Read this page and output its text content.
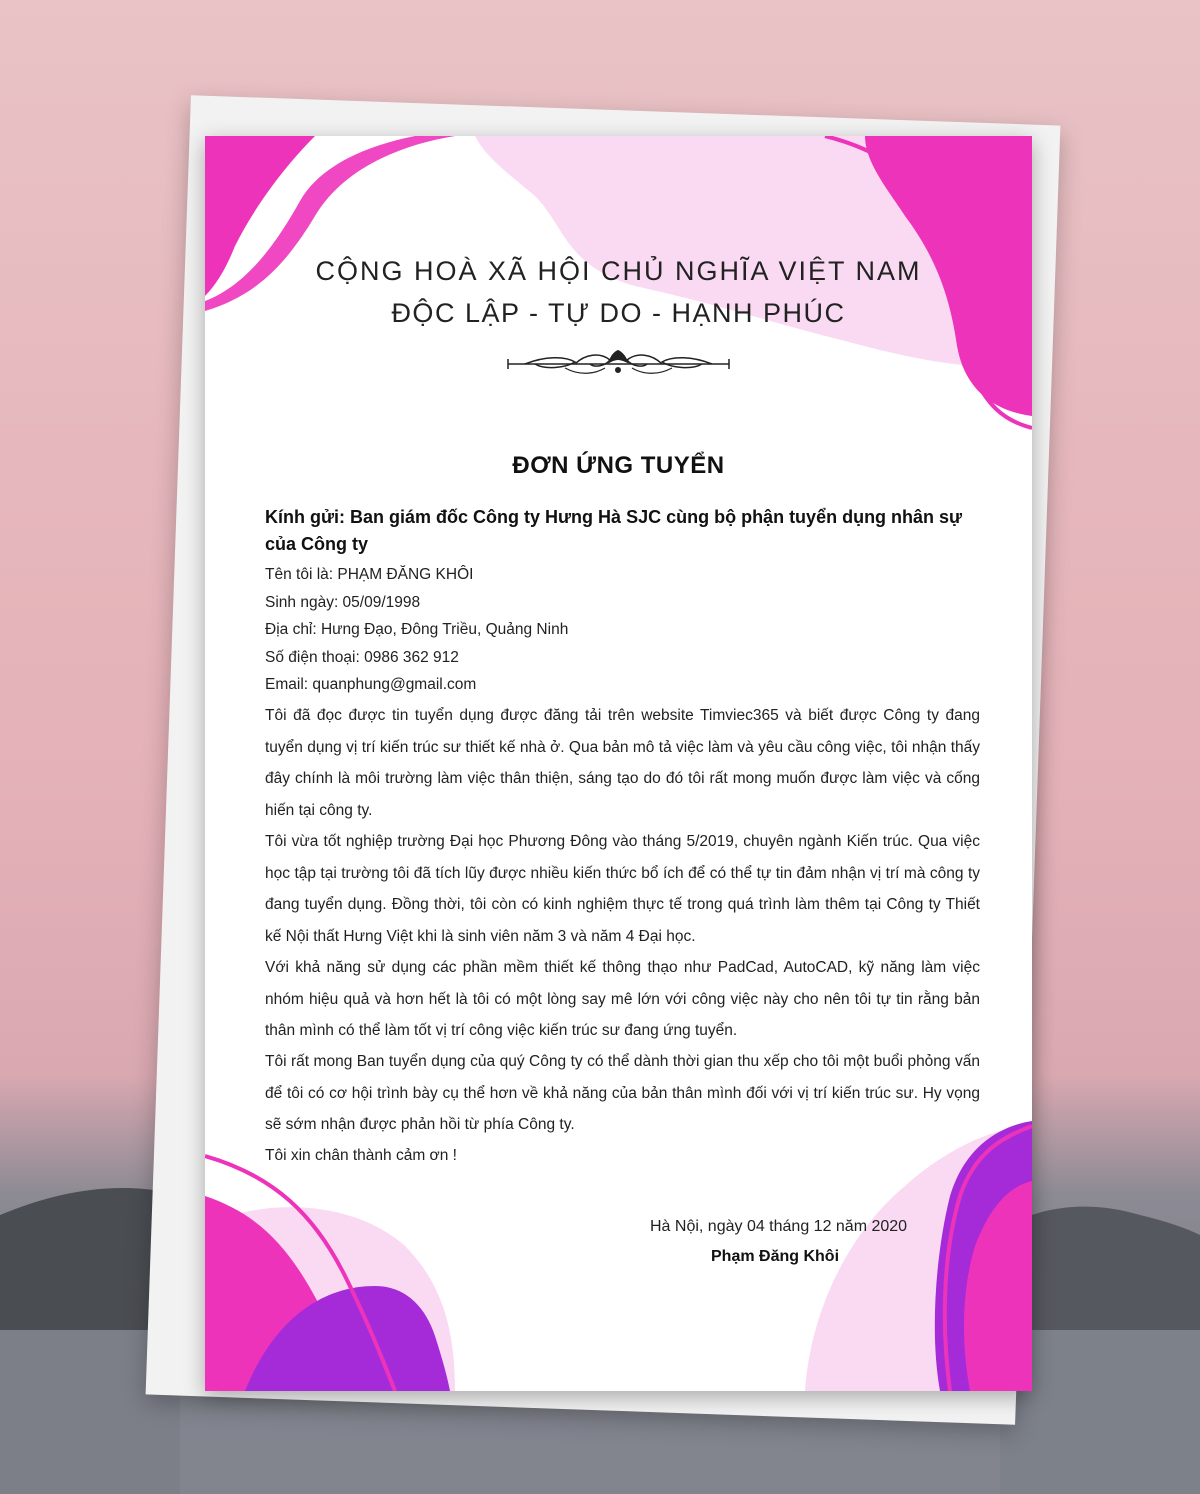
CỘNG HOÀ XÃ HỘI CHỦ NGHĨA VIỆT NAM
ĐỘC LẬP - TỰ DO - HẠNH PHÚC
ĐƠN ỨNG TUYỂN
Kính gửi: Ban giám đốc Công ty Hưng Hà SJC cùng bộ phận tuyển dụng nhân sự của Công ty
Tên tôi là: PHẠM ĐĂNG KHÔI
Sinh ngày: 05/09/1998
Địa chỉ: Hưng Đạo, Đông Triều, Quảng Ninh
Số điện thoại: 0986 362 912
Email: quanphung@gmail.com
Tôi đã đọc được tin tuyển dụng được đăng tải trên website Timviec365 và biết được Công ty đang tuyển dụng vị trí kiến trúc sư thiết kế nhà ở. Qua bản mô tả việc làm và yêu cầu công việc, tôi nhận thấy đây chính là môi trường làm việc thân thiện, sáng tạo do đó tôi rất mong muốn được làm việc và cống hiến tại công ty.
Tôi vừa tốt nghiệp trường Đại học Phương Đông vào tháng 5/2019, chuyên ngành Kiến trúc. Qua việc học tập tại trường tôi đã tích lũy được nhiều kiến thức bổ ích để có thể tự tin đảm nhận vị trí mà công ty đang tuyển dụng. Đồng thời, tôi còn có kinh nghiệm thực tế trong quá trình làm thêm tại Công ty Thiết kế Nội thất Hưng Việt khi là sinh viên năm 3 và năm 4 Đại học.
Với khả năng sử dụng các phần mềm thiết kế thông thạo như PadCad, AutoCAD, kỹ năng làm việc nhóm hiệu quả và hơn hết là tôi có một lòng say mê lớn với công việc này cho nên tôi tự tin rằng bản thân mình có thể làm tốt vị trí công việc kiến trúc sư đang ứng tuyển.
Tôi rất mong Ban tuyển dụng của quý Công ty có thể dành thời gian thu xếp cho tôi một buổi phỏng vấn để tôi có cơ hội trình bày cụ thể hơn về khả năng của bản thân mình đối với vị trí kiến trúc sư. Hy vọng sẽ sớm nhận được phản hồi từ phía Công ty.
Tôi xin chân thành cảm ơn !
Hà Nội, ngày 04 tháng 12 năm 2020
Phạm Đăng Khôi
